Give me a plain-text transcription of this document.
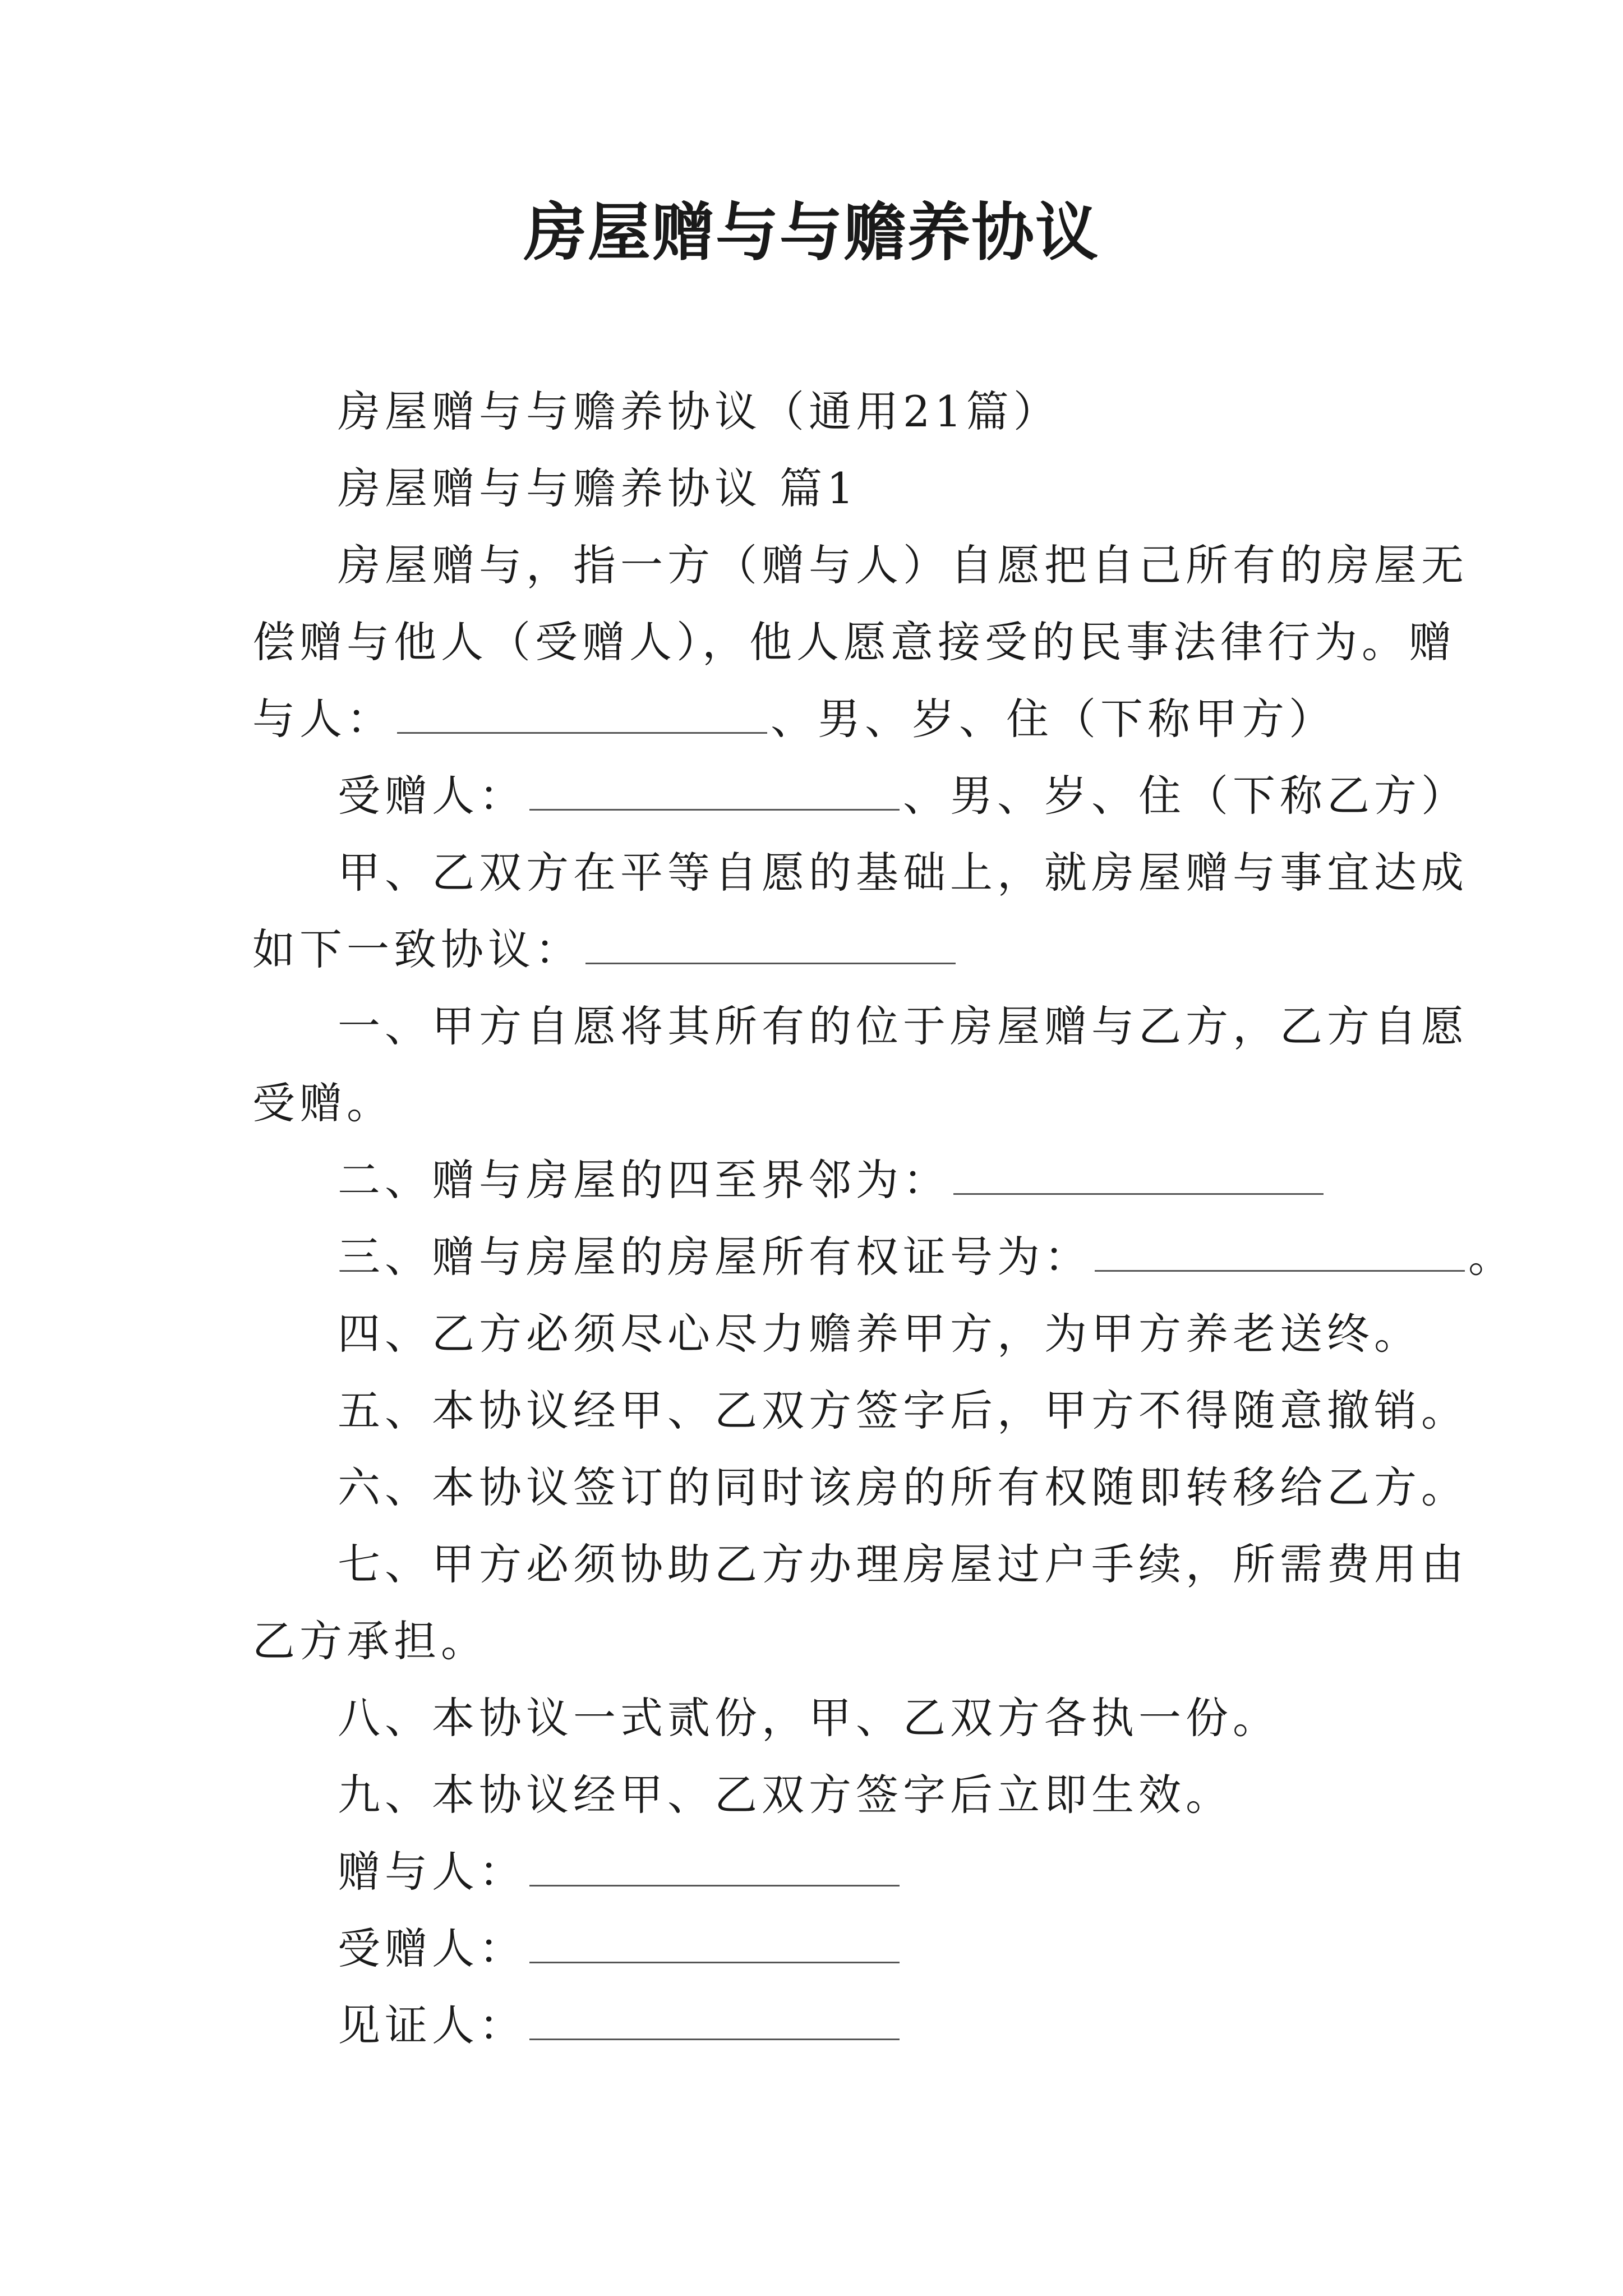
房屋赠与与赡养协议
房屋赠与与赡养协议（通用21篇）
房屋赠与与赡养协议 篇1
房屋赠与，指一方（赠与人）自愿把自己所有的房屋无
偿赠与他人（受赠人），他人愿意接受的民事法律行为。赠
与人：	、男、岁、住（下称甲方）
受赠人：	、男、岁、住（下称乙方）
甲、乙双方在平等自愿的基础上，就房屋赠与事宜达成
如下一致协议：
一、甲方自愿将其所有的位于房屋赠与乙方，乙方自愿
受赠。
二、赠与房屋的四至界邻为：
三、赠与房屋的房屋所有权证号为：	。
四、乙方必须尽心尽力赡养甲方，为甲方养老送终。
五、本协议经甲、乙双方签字后，甲方不得随意撤销。
六、本协议签订的同时该房的所有权随即转移给乙方。
七、甲方必须协助乙方办理房屋过户手续，所需费用由
乙方承担。
八、本协议一式贰份，甲、乙双方各执一份。
九、本协议经甲、乙双方签字后立即生效。
赠与人：
受赠人：
见证人：
